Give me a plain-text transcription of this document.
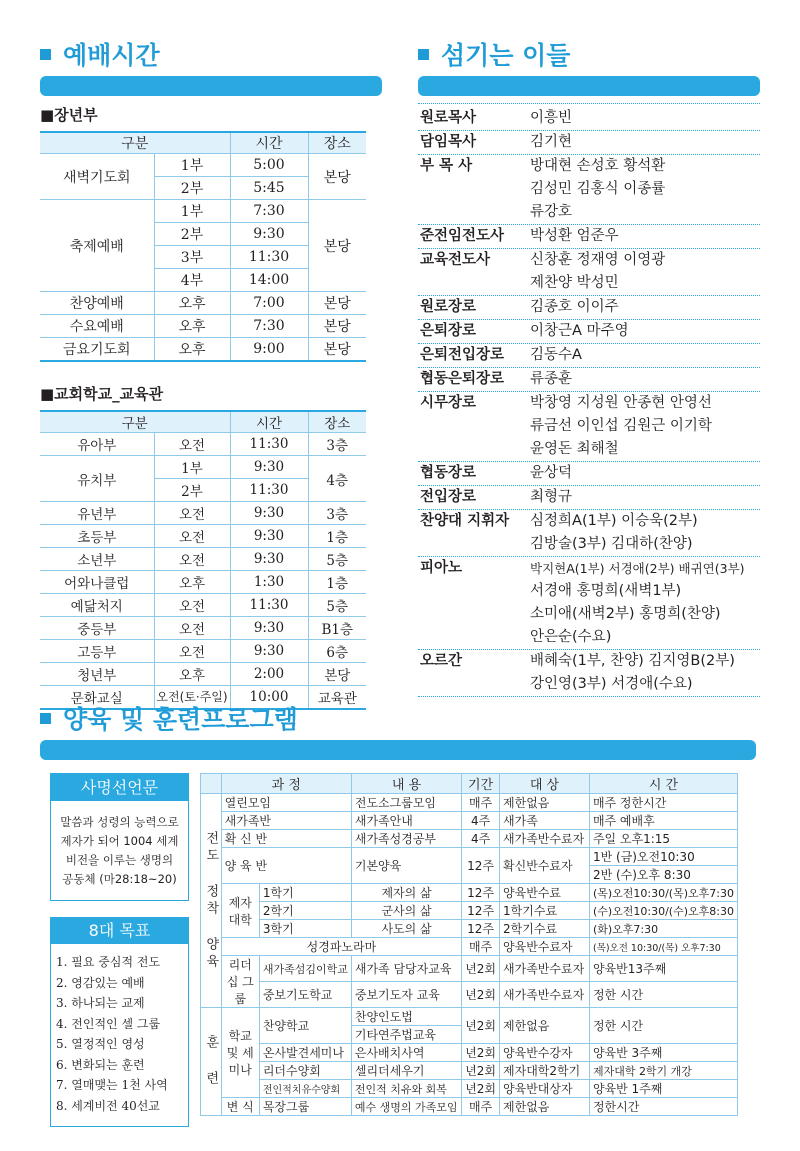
예배시간	섬기는 이들
■장년부
구분		시간	장소
새벽기도회	1부	5:00	본당
	2부	5:45	
축제예배	1부	7:30	본당
	2부	9:30	
	3부	11:30	
	4부	14:00	
찬양예배	오후	7:00	본당
수요예배	오후	7:30	본당
금요기도회	오후	9:00	본당
■교회학교_교육관
구분		시간	장소
유아부	오전	11:30	3층
유치부	1부	9:30	4층
	2부	11:30	
유년부	오전	9:30	3층
초등부	오전	9:30	1층
소년부	오전	9:30	5층
어와나클럽	오후	1:30	1층
예닮처지	오전	11:30	5층
중등부	오전	9:30	B1층
고등부	오전	9:30	6층
청년부	오후	2:00	본당
문화교실	오전(토·주일)	10:00	교육관
원로목사	이흥빈
담임목사	김기현
부 목 사	방대현 손성호 황석환
김성민 김홍식 이종률
류강호
준전임전도사	박성환 엄준우
교육전도사	신창훈 정재영 이영광
제찬양 박성민
원로장로	김종호 이이주
은퇴장로	이창근A 마주영
은퇴전입장로	김동수A
협동은퇴장로	류종훈
시무장로	박창영 지성원 안종현 안영선
류금선 이인섭 김원근 이기학
윤영돈 최해철
협동장로	윤상덕
전입장로	최형규
찬양대 지휘자	심정희A(1부) 이승욱(2부)
김방술(3부) 김대하(찬양)
피아노	박지현A(1부) 서경애(2부) 배귀연(3부)
서경애 홍명희(새벽1부)
소미애(새벽2부) 홍명희(찬양)
안은순(수요)
오르간	배혜숙(1부, 찬양) 김지영B(2부)
강인영(3부) 서경애(수요)
양육 및 훈련프로그램
사명선언문
말씀과 성령의 능력으로
제자가 되어 1004 세계
비전을 이루는 생명의
공동체 (마28:18~20)
8대 목표
1. 필요 중심적 전도
2. 영감있는 예배
3. 하나되는 교제
4. 전인적인 셀 그룹
5. 열정적인 영성
6. 변화되는 훈련
7. 열매맺는 1천 사역
8. 세계비전 40선교
	과 정		내 용	기간	대 상	시 간
전도 정착 양육	열린모임		전도소그룹모임	매주	제한없음	매주 정한시간
	새가족반		새가족안내	4주	새가족	매주 예배후
	확 신 반		새가족성경공부	4주	새가족반수료자	주일 오후1:15
	양 육 반		기본양육	12주	확신반수료자	1반 (금)오전10:30
						2반 (수)오후 8:30
	제자 대학	1학기	제자의 삶	12주	양육반수료	(목)오전10:30/(목)오후7:30
		2학기	군사의 삶	12주	1학기수료	(수)오전10:30/(수)오후8:30
		3학기	사도의 삶	12주	2학기수료	(화)오후7:30
	성경파노라마			매주	양육반수료자	(목)오전 10:30/(목) 오후7:30
	리더십 그룹	새가족섬김이학교	새가족 담당자교육	년2회	새가족반수료자	양육반13주째
		중보기도학교	중보기도자 교육	년2회	새가족반수료자	정한 시간
훈 련	학교 및 세미나	찬양학교	찬양인도법	년2회	제한없음	정한 시간
			기타연주법교육			
		온사발견세미나	은사배치사역	년2회	양육반수강자	양육반 3주째
		리더수양회	셀리더세우기	년2회	제자대학2학기	제자대학 2학기 개강
		전인적치유수양회	전인적 치유와 회복	년2회	양육반대상자	양육반 1주째
	변 식	목장그룹	예수 생명의 가족모임	매주	제한없음	정한시간
